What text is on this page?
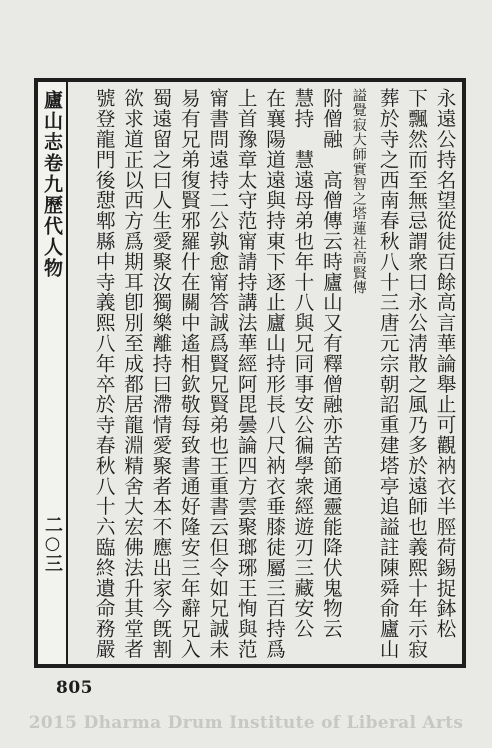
廬山志卷九歷代人物
二○三	永遠公持名望從徒百餘高言華論舉止可觀衲衣半脛荷錫捉鉢松
下飄然而至無忌謂衆曰永公淸散之風乃多於遠師也義熙十年示寂
葬於寺之西南春秋八十三唐元宗朝詔重建塔亭追謚註陳舜俞廬山
謚覺寂大師實智之塔蓮社高賢傳
附僧融　高僧傳云時廬山又有釋僧融亦苦節通靈能降伏鬼物云
慧持　慧遠母弟也年十八與兄同事安公徧學衆經遊刃三藏安公
在襄陽道遠與持東下逐止廬山持形長八尺衲衣垂膝徒屬三百持爲
上首豫章太守范甯請持講法華經阿毘曇論四方雲聚瑯琊王恂與范
甯書問遠持二公孰愈甯答誠爲賢兄賢弟也王重書云但令如兄誠未
易有兄弟復賢邪羅什在關中遙相欽敬每致書通好隆安三年辭兄入
蜀遠留之曰人生愛聚汝獨樂離持曰滯情愛聚者本不應出家今旣割
欲求道正以西方爲期耳卽別至成都居龍淵精舍大宏佛法升其堂者
號登龍門後憇郫縣中寺義熙八年卒於寺春秋八十六臨終遺命務嚴
805
2015 Dharma Drum Institute of Liberal Arts
